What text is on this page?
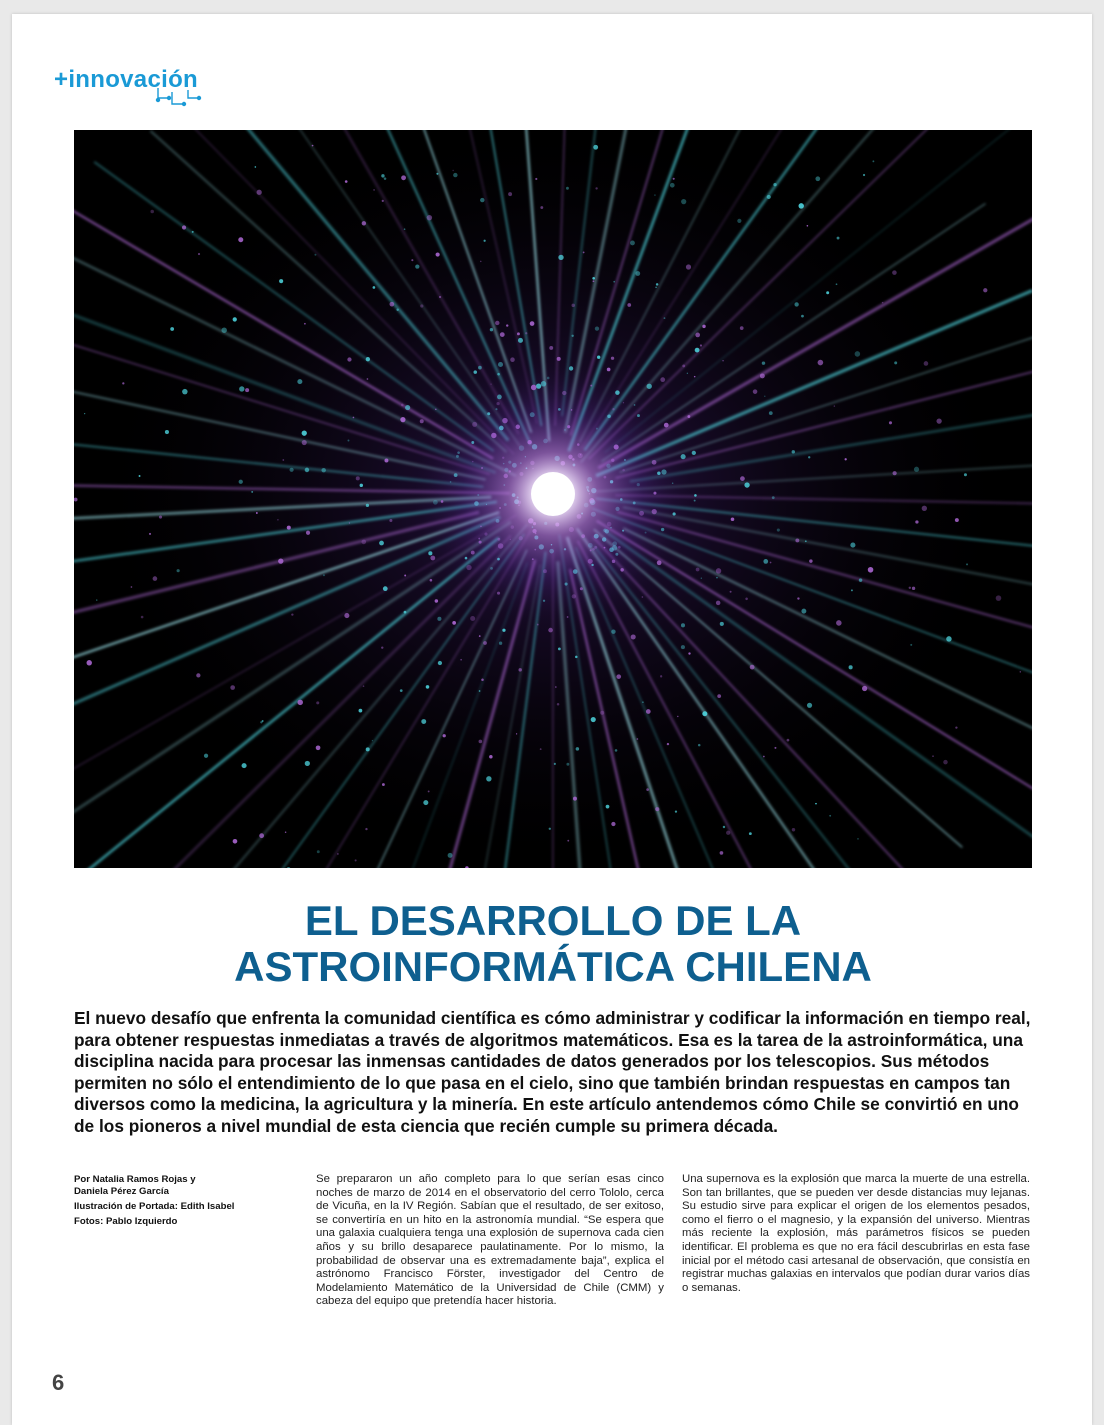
+innovación
EL DESARROLLO DE LA
ASTROINFORMÁTICA CHILENA

El nuevo desafío que enfrenta la comunidad científica es cómo administrar y codificar la información en tiempo real, para obtener respuestas inmediatas a través de algoritmos matemáticos. Esa es la tarea de la astroinformática, una disciplina nacida para procesar las inmensas cantidades de datos generados por los telescopios. Sus métodos permiten no sólo el entendimiento de lo que pasa en el cielo, sino que también brindan respuestas en campos tan diversos como la medicina, la agricultura y la minería. En este artículo antendemos cómo Chile se convirtió en uno de los pioneros a nivel mundial de esta ciencia que recién cumple su primera década.

Por Natalia Ramos Rojas y
Daniela Pérez García
Ilustración de Portada: Edith Isabel
Fotos: Pablo Izquierdo

Se prepararon un año completo para lo que serían esas cinco noches de marzo de 2014 en el observatorio del cerro Tololo, cerca de Vicuña, en la IV Región. Sabían que el resultado, de ser exitoso, se convertiría en un hito en la astronomía mundial. “Se espera que una galaxia cualquiera tenga una explosión de supernova cada cien años y su brillo desaparece paulatinamente. Por lo mismo, la probabilidad de observar una es extremadamente baja”, explica el astrónomo Francisco Förster, investigador del Centro de Modelamiento Matemático de la Universidad de Chile (CMM) y cabeza del equipo que pretendía hacer historia.

Una supernova es la explosión que marca la muerte de una estrella. Son tan brillantes, que se pueden ver desde distancias muy lejanas. Su estudio sirve para explicar el origen de los elementos pesados, como el fierro o el magnesio, y la expansión del universo. Mientras más reciente la explosión, más parámetros físicos se pueden identificar. El problema es que no era fácil descubrirlas en esta fase inicial por el método casi artesanal de observación, que consistía en registrar muchas galaxias en intervalos que podían durar varios días o semanas.

6
